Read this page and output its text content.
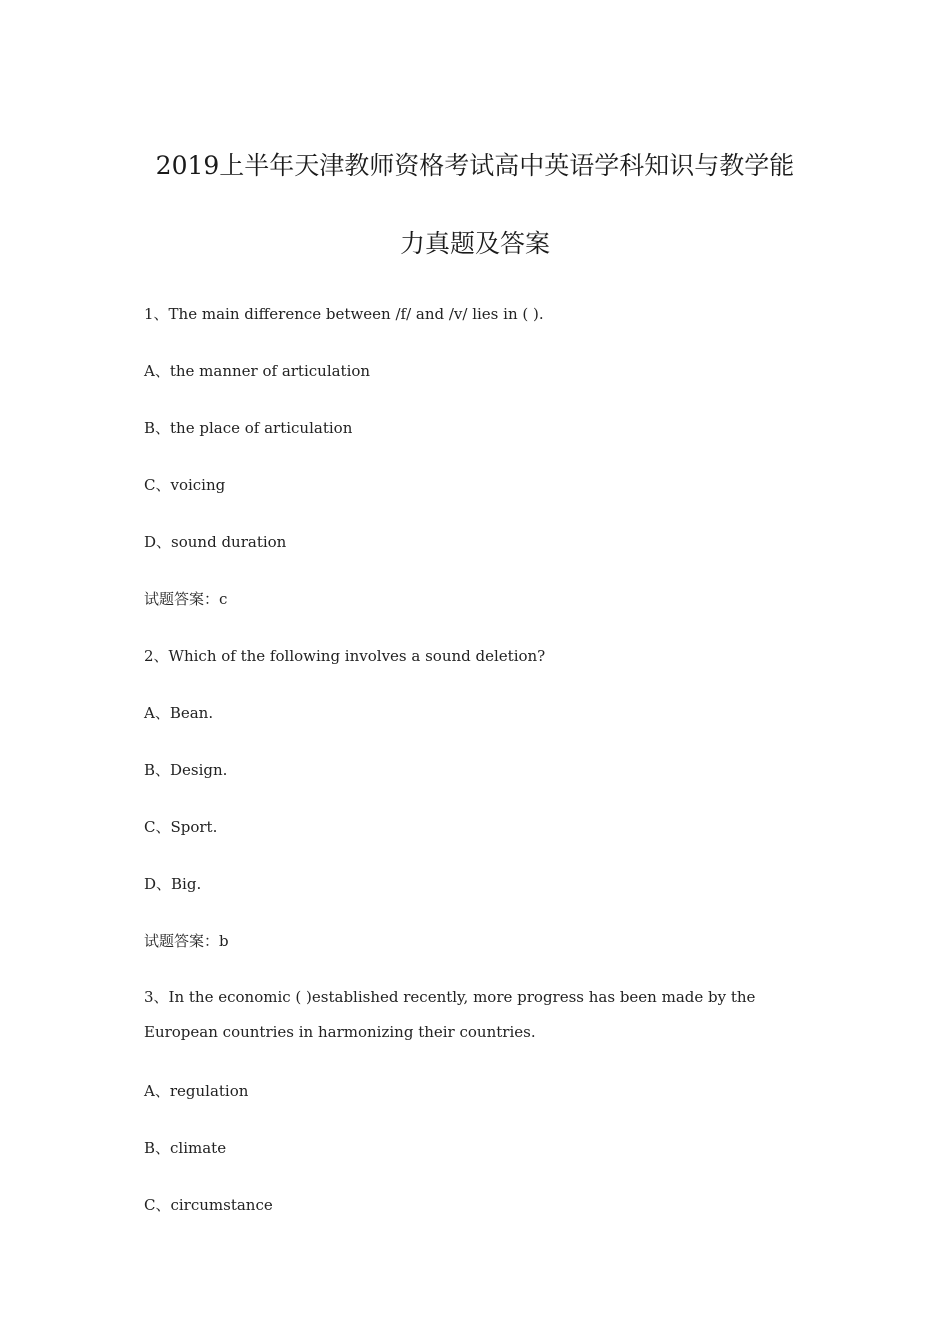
2019上半年天津教师资格考试高中英语学科知识与教学能
力真题及答案
1、The main difference between /f/ and /v/ lies in ( ).
A、the manner of articulation
B、the place of articulation
C、voicing
D、sound duration
试题答案：c
2、Which of the following involves a sound deletion?
A、Bean.
B、Design.
C、Sport.
D、Big.
试题答案：b
3、In the economic ( )established recently, more progress has been made by the
European countries in harmonizing their countries.
A、regulation
B、climate
C、circumstance
